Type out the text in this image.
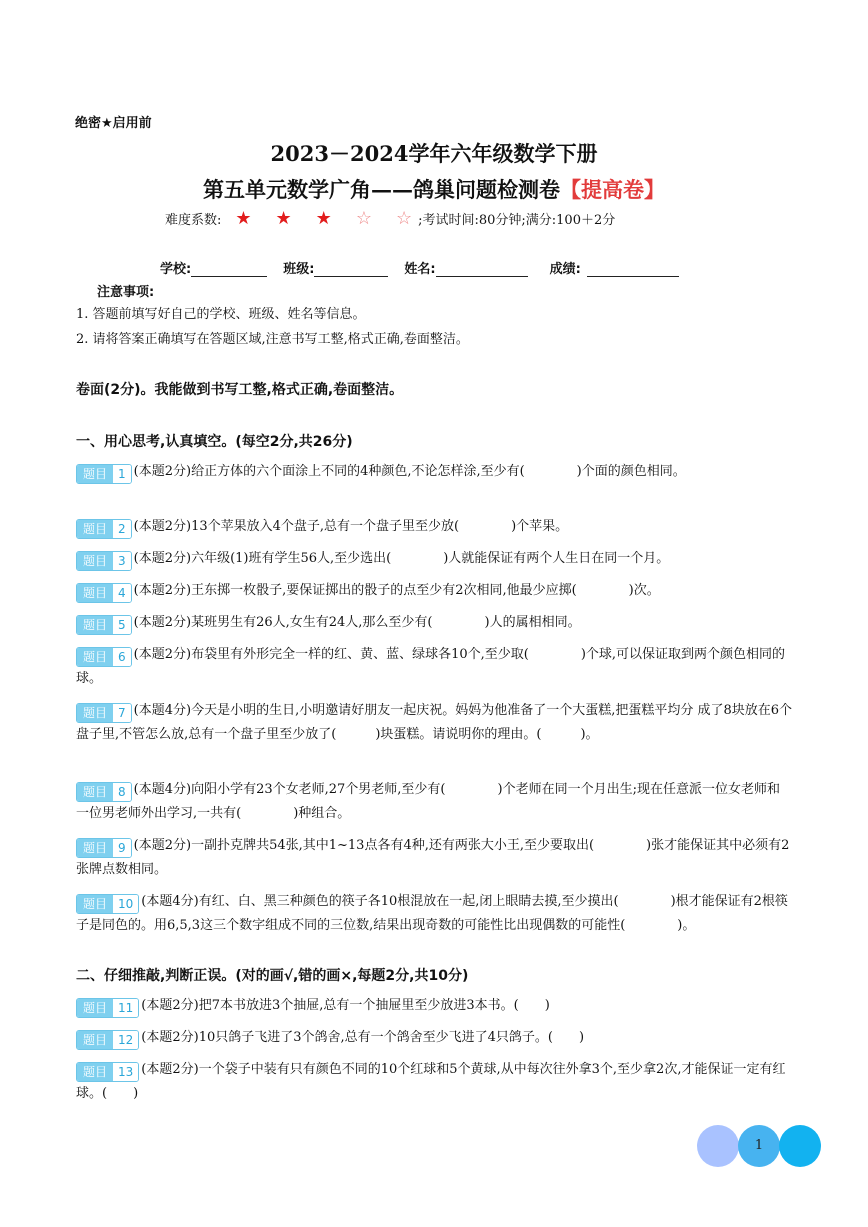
绝密★启用前
2023－2024学年六年级数学下册
第五单元数学广角——鸽巢问题检测卷【提高卷】
难度系数: ★ ★ ★ ☆ ☆ ;考试时间:80分钟;满分:100＋2分
学校:	班级:	姓名:	成绩:
注意事项:
1. 答题前填写好自己的学校、班级、姓名等信息。
2. 请将答案正确填写在答题区域,注意书写工整,格式正确,卷面整洁。
卷面(2分)。我能做到书写工整,格式正确,卷面整洁。
一、用心思考,认真填空。(每空2分,共26分)
题目 1 (本题2分)给正方体的六个面涂上不同的4种颜色,不论怎样涂,至少有(　　　　)个面的颜色相同。
题目 2 (本题2分)13个苹果放入4个盘子,总有一个盘子里至少放(　　　　)个苹果。
题目 3 (本题2分)六年级(1)班有学生56人,至少选出(　　　　)人就能保证有两个人生日在同一个月。
题目 4 (本题2分)王东掷一枚骰子,要保证掷出的骰子的点至少有2次相同,他最少应掷(　　　　)次。
题目 5 (本题2分)某班男生有26人,女生有24人,那么至少有(　　　　)人的属相相同。
题目 6 (本题2分)布袋里有外形完全一样的红、黄、蓝、绿球各10个,至少取(　　　　)个球,可以保证取到两个颜色相同的球。
题目 7 (本题4分)今天是小明的生日,小明邀请好朋友一起庆祝。妈妈为他准备了一个大蛋糕,把蛋糕平均分 成了8块放在6个盘子里,不管怎么放,总有一个盘子里至少放了(　　　)块蛋糕。请说明你的理由。(　　　)。
题目 8 (本题4分)向阳小学有23个女老师,27个男老师,至少有(　　　　)个老师在同一个月出生;现在任意派一位女老师和一位男老师外出学习,一共有(　　　　)种组合。
题目 9 (本题2分)一副扑克牌共54张,其中1~13点各有4种,还有两张大小王,至少要取出(　　　　)张才能保证其中必须有2张牌点数相同。
题目 10 (本题4分)有红、白、黑三种颜色的筷子各10根混放在一起,闭上眼睛去摸,至少摸出(　　　　)根才能保证有2根筷子是同色的。用6,5,3这三个数字组成不同的三位数,结果出现奇数的可能性比出现偶数的可能性(　　　　)。
二、仔细推敲,判断正误。(对的画√,错的画×,每题2分,共10分)
题目 11 (本题2分)把7本书放进3个抽屉,总有一个抽屉里至少放进3本书。(　　)
题目 12 (本题2分)10只鸽子飞进了3个鸽舍,总有一个鸽舍至少飞进了4只鸽子。(　　)
题目 13 (本题2分)一个袋子中装有只有颜色不同的10个红球和5个黄球,从中每次往外拿3个,至少拿2次,才能保证一定有红球。(　　)
1
